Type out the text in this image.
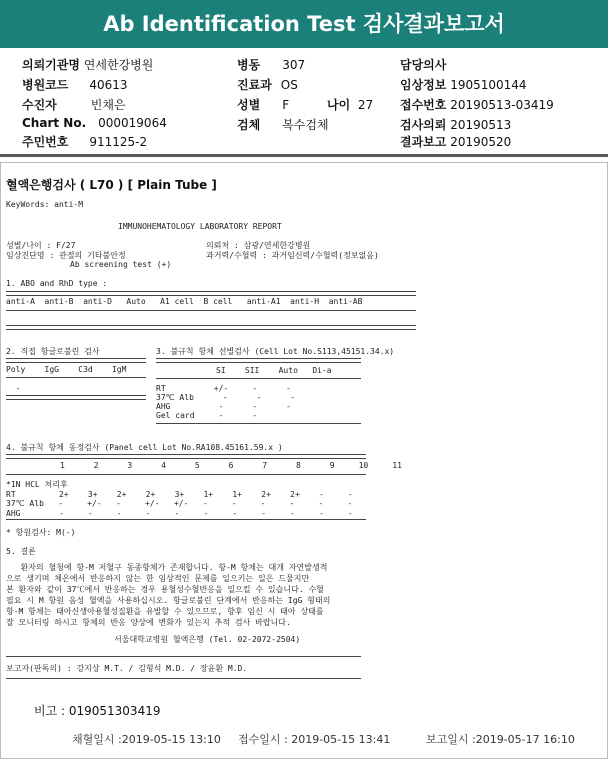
Ab Identification Test 검사결과보고서
의뢰기관명 연세한강병원
병원코드 40613
수진자	빈채은
Chart No. 000019064
주민번호 911125-2
병동 307
진료과 OS
성별 F	나이 27
검체 복수검체
담당의사
임상정보 1905100144
접수번호 20190513-03419
검사의뢰 20190513
결과보고 20190520
혈액은행검사 ( L70 ) [ Plain Tube ]
KeyWords: anti-M
IMMUNOHEMATOLOGY LABORATORY REPORT
성별/나이 : F/27
임상진단명 : 관절의 기타불안정
Ab screening test (+)
의뢰처 : 삼광/연세한강병원
과거력/수혈력 : 과거임신력/수혈력(정보없음)
1. ABO and RhD type :
anti-A  anti-B  anti-D   Auto   A1 cell  B cell   anti-A1  anti-H  anti-AB
2. 직접 항글로불린 검사
Poly    IgG    C3d    IgM
-
3. 불규칙 항체 선별검사 (Cell Lot No.S113,45151.34.x)
SI    SII    Auto   Di-a
RT          +/-     -      -
37℃ Alb      -      -      -
AHG          -      -      -
Gel card     -      -
4. 불규칙 항체 동정검사 (Panel cell Lot No.RA108.45161.59.x )
1      2      3      4      5      6      7      8      9     10     11
*1N HCL 처리후
RT         2+    3+    2+    2+    3+    1+    1+    2+    2+    -     -
37℃ Alb   -     +/-   -     +/-   +/-   -     -     -     -     -     -
AHG        -     -     -     -     -     -     -     -     -     -     -
* 항원검사: M(-)
5. 결론
환자의 혈청에 항-M 저혈구 동종항체가 존재합니다. 항-M 항체는 대개 자연발생적
으로 생기며 체온에서 반응하지 않는 한 임상적인 문제를 일으키는 일은 드물지만
본 환자와 같이 37℃에서 반응하는 경우 용혈성수혈반응을 일으킬 수 있습니다. 수혈
필요 시 M 항원 음성 혈액을 사용하십시오. 항글로불린 단계에서 반응하는 IgG 형태의
항-M 항체는 태아신생아용혈성질환을 유발할 수 있으므로, 향후 임신 시 태아 상태를
잘 모니터링 하시고 항체의 반응 양상에 변화가 있는지 추적 검사 바랍니다.
서울대학교병원 혈액은행 (Tel. 02-2072-2504)
보고자(판독의) : 강지상 M.T. / 김형석 M.D. / 장윤환 M.D.
비고 : 019051303419
채혈일시 :2019-05-15 13:10 접수일시 : 2019-05-15 13:41	보고일시 :2019-05-17 16:10
